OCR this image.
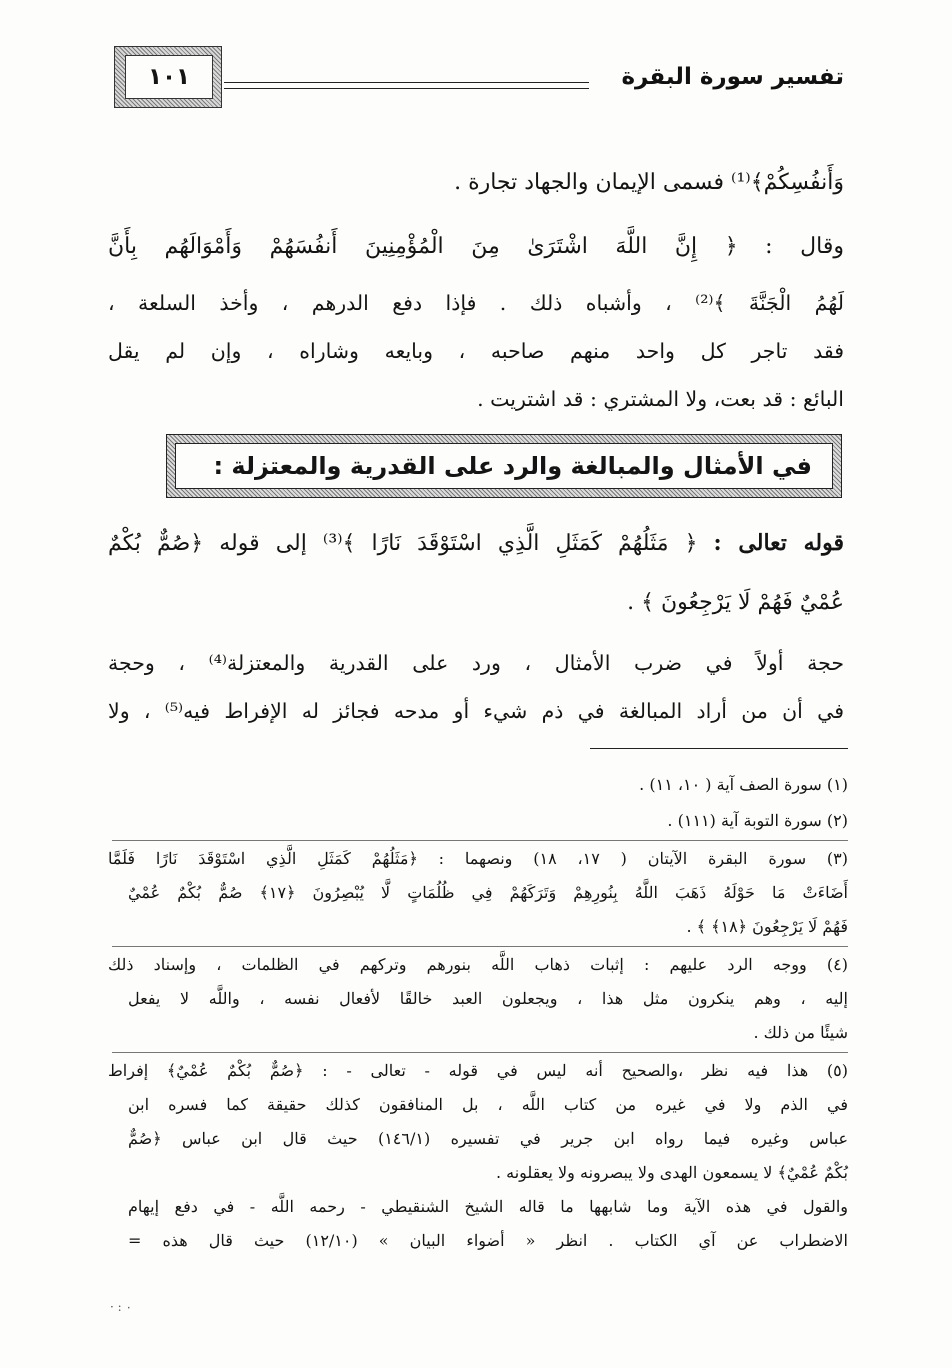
تفسير سورة البقرة
١٠١
وَأَنفُسِكُمْ﴾⁽¹⁾ فسمى الإيمان والجهاد تجارة .
وقال : ﴿ إِنَّ اللَّهَ اشْتَرَىٰ مِنَ الْمُؤْمِنِينَ أَنفُسَهُمْ وَأَمْوَالَهُم بِأَنَّ
لَهُمُ الْجَنَّةَ ﴾⁽²⁾ ، وأشباه ذلك . فإذا دفع الدرهم ، وأخذ السلعة ،
فقد تاجر كل واحد منهم صاحبه ، وبايعه وشاراه ، وإن لم يقل
البائع : قد بعت، ولا المشتري : قد اشتريت .
في الأمثال والمبالغة والرد على القدرية والمعتزلة :
قوله تعالى : ﴿ مَثَلُهُمْ كَمَثَلِ الَّذِي اسْتَوْقَدَ نَارًا ﴾⁽³⁾ إلى قوله ﴿صُمٌّ بُكْمٌ
عُمْيٌ فَهُمْ لَا يَرْجِعُونَ ﴾ .
حجة أولاً في ضرب الأمثال ، ورد على القدرية والمعتزلة⁽⁴⁾ ، وحجة
في أن من أراد المبالغة في ذم شيء أو مدحه فجائز له الإفراط فيه⁽⁵⁾ ، ولا
(١) سورة الصف آية ( ١٠، ١١) .
(٢) سورة التوبة آية (١١١) .
(٣) سورة البقرة الآيتان ( ١٧، ١٨) ونصهما : ﴿مَثَلُهُمْ كَمَثَلِ الَّذِي اسْتَوْقَدَ نَارًا فَلَمَّا
أَضَاءَتْ مَا حَوْلَهُ ذَهَبَ اللَّهُ بِنُورِهِمْ وَتَرَكَهُمْ فِي ظُلُمَاتٍ لَّا يُبْصِرُونَ ﴿١٧﴾ صُمٌّ بُكْمٌ عُمْيٌ
فَهُمْ لَا يَرْجِعُونَ ﴿١٨﴾ ﴾ .
(٤) ووجه الرد عليهم : إثبات ذهاب اللَّه بنورهم وتركهم في الظلمات ، وإسناد ذلك
إليه ، وهم ينكرون مثل هذا ، ويجعلون العبد خالقًا لأفعال نفسه ، واللَّه لا يفعل
شيئًا من ذلك .
(٥) هذا فيه نظر ،والصحيح أنه ليس في قوله - تعالى - : ﴿صُمٌّ بُكْمٌ عُمْيٌ﴾ إفراط
في الذم ولا في غيره من كتاب اللَّه ، بل المنافقون كذلك حقيقة كما فسره ابن
عباس وغيره فيما رواه ابن جرير في تفسيره (١٤٦/١) حيث قال ابن عباس ﴿صُمٌّ
بُكْمٌ عُمْيٌ﴾ لا يسمعون الهدى ولا يبصرونه ولا يعقلونه .
والقول في هذه الآية وما شابهها ما قاله الشيخ الشنقيطي - رحمه اللَّه - في دفع إيهام
الاضطراب عن آي الكتاب . انظر « أضواء البيان » (١٢/١٠) حيث قال هذه =
٠ : ·
